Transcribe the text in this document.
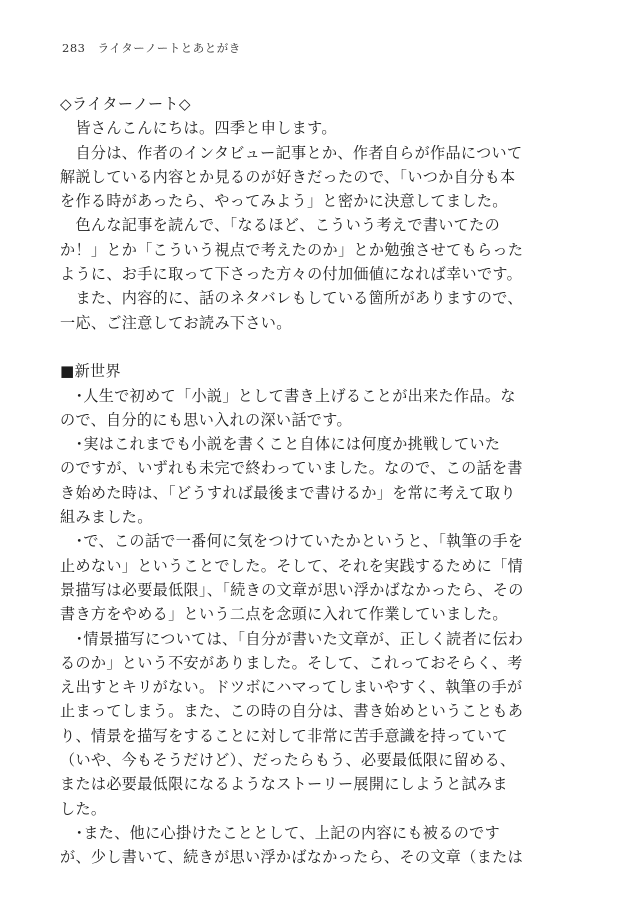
283 ライターノートとあとがき
◇ライターノート◇
　皆さんこんにちは。四季と申します。
　自分は、作者のインタビュー記事とか、作者自らが作品について
解説している内容とか見るのが好きだったので、「いつか自分も本
を作る時があったら、やってみよう」と密かに決意してました。
　色んな記事を読んで、「なるほど、こういう考えで書いてたの
か！」とか「こういう視点で考えたのか」とか勉強させてもらった
ように、お手に取って下さった方々の付加価値になれば幸いです。
　また、内容的に、話のネタバレもしている箇所がありますので、
一応、ご注意してお読み下さい。
■新世界
　･人生で初めて「小説」として書き上げることが出来た作品。な
ので、自分的にも思い入れの深い話です。
　･実はこれまでも小説を書くこと自体には何度か挑戦していた
のですが、いずれも未完で終わっていました。なので、この話を書
き始めた時は、「どうすれば最後まで書けるか」を常に考えて取り
組みました。
　･で、この話で一番何に気をつけていたかというと、「執筆の手を
止めない」ということでした。そして、それを実践するために「情
景描写は必要最低限」、「続きの文章が思い浮かばなかったら、その
書き方をやめる」という二点を念頭に入れて作業していました。
　･情景描写については、「自分が書いた文章が、正しく読者に伝わ
るのか」という不安がありました。そして、これっておそらく、考
え出すとキリがない。ドツボにハマってしまいやすく、執筆の手が
止まってしまう。また、この時の自分は、書き始めということもあ
り、情景を描写をすることに対して非常に苦手意識を持っていて
（いや、今もそうだけど）、だったらもう、必要最低限に留める、
または必要最低限になるようなストーリー展開にしようと試みま
した。
　･また、他に心掛けたこととして、上記の内容にも被るのです
が、少し書いて、続きが思い浮かばなかったら、その文章（または
